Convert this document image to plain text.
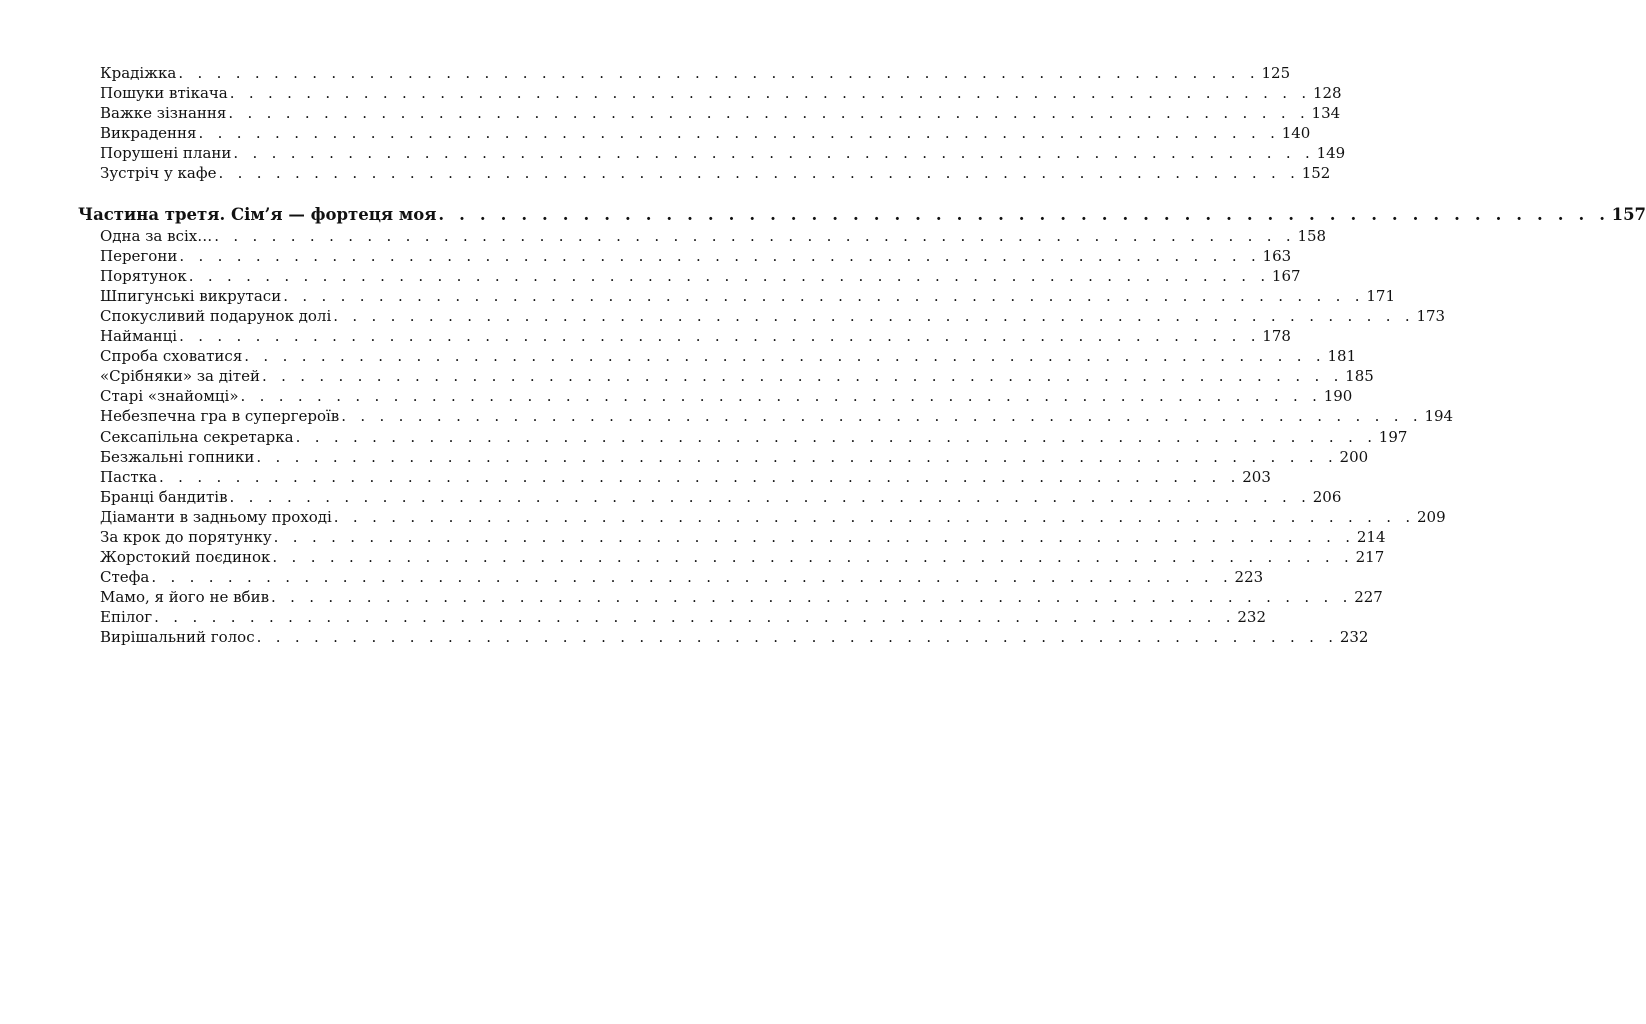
Крадіжка . . . . . . . . . . . . . . . . . . . . . . . . . . . . . . . . . . . . . . . . . . . . . . . . . . . . . . . . . 125
Пошуки втікача . . . . . . . . . . . . . . . . . . . . . . . . . . . . . . . . . . . . . . . . . . . . . . . . . . . . . . . . . 128
Важке зізнання . . . . . . . . . . . . . . . . . . . . . . . . . . . . . . . . . . . . . . . . . . . . . . . . . . . . . . . . . 134
Викрадення . . . . . . . . . . . . . . . . . . . . . . . . . . . . . . . . . . . . . . . . . . . . . . . . . . . . . . . . . 140
Порушені плани . . . . . . . . . . . . . . . . . . . . . . . . . . . . . . . . . . . . . . . . . . . . . . . . . . . . . . . . . 149
Зустріч у кафе . . . . . . . . . . . . . . . . . . . . . . . . . . . . . . . . . . . . . . . . . . . . . . . . . . . . . . . . . 152
Частина третя. Сім’я — фортеця моя . . . . . . . . . . . . . . . . . . . . . . . . . . . . . . . . . . . . . . . . . . . . . . . . . . . . . . . . . 157
Одна за всіх… . . . . . . . . . . . . . . . . . . . . . . . . . . . . . . . . . . . . . . . . . . . . . . . . . . . . . . . . . 158
Перегони . . . . . . . . . . . . . . . . . . . . . . . . . . . . . . . . . . . . . . . . . . . . . . . . . . . . . . . . . 163
Порятунок . . . . . . . . . . . . . . . . . . . . . . . . . . . . . . . . . . . . . . . . . . . . . . . . . . . . . . . . . 167
Шпигунські викрутаси . . . . . . . . . . . . . . . . . . . . . . . . . . . . . . . . . . . . . . . . . . . . . . . . . . . . . . . . . 171
Спокусливий подарунок долі . . . . . . . . . . . . . . . . . . . . . . . . . . . . . . . . . . . . . . . . . . . . . . . . . . . . . . . . . 173
Найманці . . . . . . . . . . . . . . . . . . . . . . . . . . . . . . . . . . . . . . . . . . . . . . . . . . . . . . . . . 178
Спроба сховатися . . . . . . . . . . . . . . . . . . . . . . . . . . . . . . . . . . . . . . . . . . . . . . . . . . . . . . . . . 181
«Срібняки» за дітей . . . . . . . . . . . . . . . . . . . . . . . . . . . . . . . . . . . . . . . . . . . . . . . . . . . . . . . . . 185
Старі «знайомці» . . . . . . . . . . . . . . . . . . . . . . . . . . . . . . . . . . . . . . . . . . . . . . . . . . . . . . . . . 190
Небезпечна гра в супергероїв . . . . . . . . . . . . . . . . . . . . . . . . . . . . . . . . . . . . . . . . . . . . . . . . . . . . . . . . . 194
Сексапільна секретарка . . . . . . . . . . . . . . . . . . . . . . . . . . . . . . . . . . . . . . . . . . . . . . . . . . . . . . . . . 197
Безжальні гопники . . . . . . . . . . . . . . . . . . . . . . . . . . . . . . . . . . . . . . . . . . . . . . . . . . . . . . . . . 200
Пастка . . . . . . . . . . . . . . . . . . . . . . . . . . . . . . . . . . . . . . . . . . . . . . . . . . . . . . . . . 203
Бранці бандитів . . . . . . . . . . . . . . . . . . . . . . . . . . . . . . . . . . . . . . . . . . . . . . . . . . . . . . . . . 206
Діаманти в задньому проході . . . . . . . . . . . . . . . . . . . . . . . . . . . . . . . . . . . . . . . . . . . . . . . . . . . . . . . . . 209
За крок до порятунку . . . . . . . . . . . . . . . . . . . . . . . . . . . . . . . . . . . . . . . . . . . . . . . . . . . . . . . . . 214
Жорстокий поєдинок . . . . . . . . . . . . . . . . . . . . . . . . . . . . . . . . . . . . . . . . . . . . . . . . . . . . . . . . . 217
Стефа . . . . . . . . . . . . . . . . . . . . . . . . . . . . . . . . . . . . . . . . . . . . . . . . . . . . . . . . . 223
Мамо, я його не вбив . . . . . . . . . . . . . . . . . . . . . . . . . . . . . . . . . . . . . . . . . . . . . . . . . . . . . . . . . 227
Епілог . . . . . . . . . . . . . . . . . . . . . . . . . . . . . . . . . . . . . . . . . . . . . . . . . . . . . . . . . 232
Вирішальний голос . . . . . . . . . . . . . . . . . . . . . . . . . . . . . . . . . . . . . . . . . . . . . . . . . . . . . . . . . 232
